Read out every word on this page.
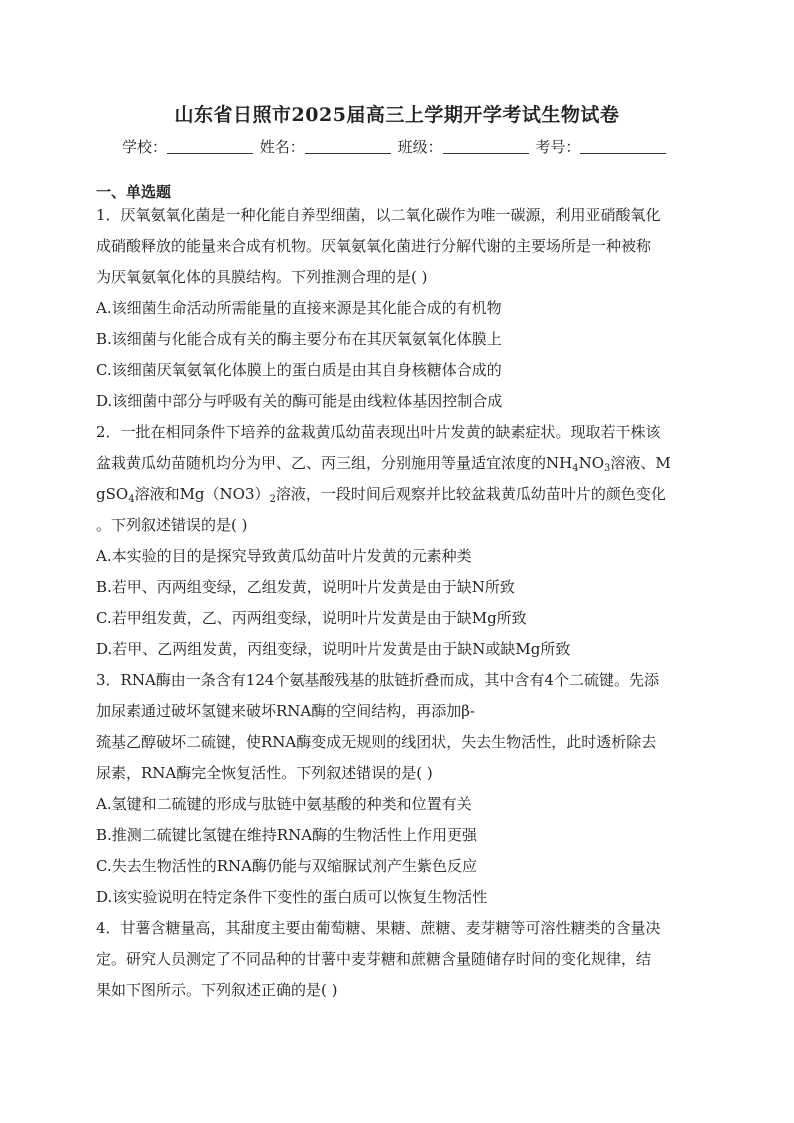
山东省日照市2025届高三上学期开学考试生物试卷
学校：	姓名：	班级：	考号：
一、单选题
1．厌氧氨氧化菌是一种化能自养型细菌，以二氧化碳作为唯一碳源，利用亚硝酸氧化
成硝酸释放的能量来合成有机物。厌氧氨氧化菌进行分解代谢的主要场所是一种被称
为厌氧氨氧化体的具膜结构。下列推测合理的是( )
A.该细菌生命活动所需能量的直接来源是其化能合成的有机物
B.该细菌与化能合成有关的酶主要分布在其厌氧氨氧化体膜上
C.该细菌厌氧氨氧化体膜上的蛋白质是由其自身核糖体合成的
D.该细菌中部分与呼吸有关的酶可能是由线粒体基因控制合成
2．一批在相同条件下培养的盆栽黄瓜幼苗表现出叶片发黄的缺素症状。现取若干株该
盆栽黄瓜幼苗随机均分为甲、乙、丙三组，分别施用等量适宜浓度的$NH_4NO_3$溶液、M
gSO$_4$溶液和$Mg(NO3)_2$溶液，一段时间后观察并比较盆栽黄瓜幼苗叶片的颜色变化
。下列叙述错误的是( )
A.本实验的目的是探究导致黄瓜幼苗叶片发黄的元素种类
B.若甲、丙两组变绿，乙组发黄，说明叶片发黄是由于缺N所致
C.若甲组发黄，乙、丙两组变绿，说明叶片发黄是由于缺Mg所致
D.若甲、乙两组发黄，丙组变绿，说明叶片发黄是由于缺N或缺Mg所致
3．RNA酶由一条含有124个氨基酸残基的肽链折叠而成，其中含有4个二硫键。先添
加尿素通过破坏氢键来破坏RNA酶的空间结构，再添加β-
巯基乙醇破坏二硫键，使RNA酶变成无规则的线团状，失去生物活性，此时透析除去
尿素，RNA酶完全恢复活性。下列叙述错误的是( )
A.氢键和二硫键的形成与肽链中氨基酸的种类和位置有关
B.推测二硫键比氢键在维持RNA酶的生物活性上作用更强
C.失去生物活性的RNA酶仍能与双缩脲试剂产生紫色反应
D.该实验说明在特定条件下变性的蛋白质可以恢复生物活性
4．甘薯含糖量高，其甜度主要由葡萄糖、果糖、蔗糖、麦芽糖等可溶性糖类的含量决
定。研究人员测定了不同品种的甘薯中麦芽糖和蔗糖含量随储存时间的变化规律，结
果如下图所示。下列叙述正确的是( )
